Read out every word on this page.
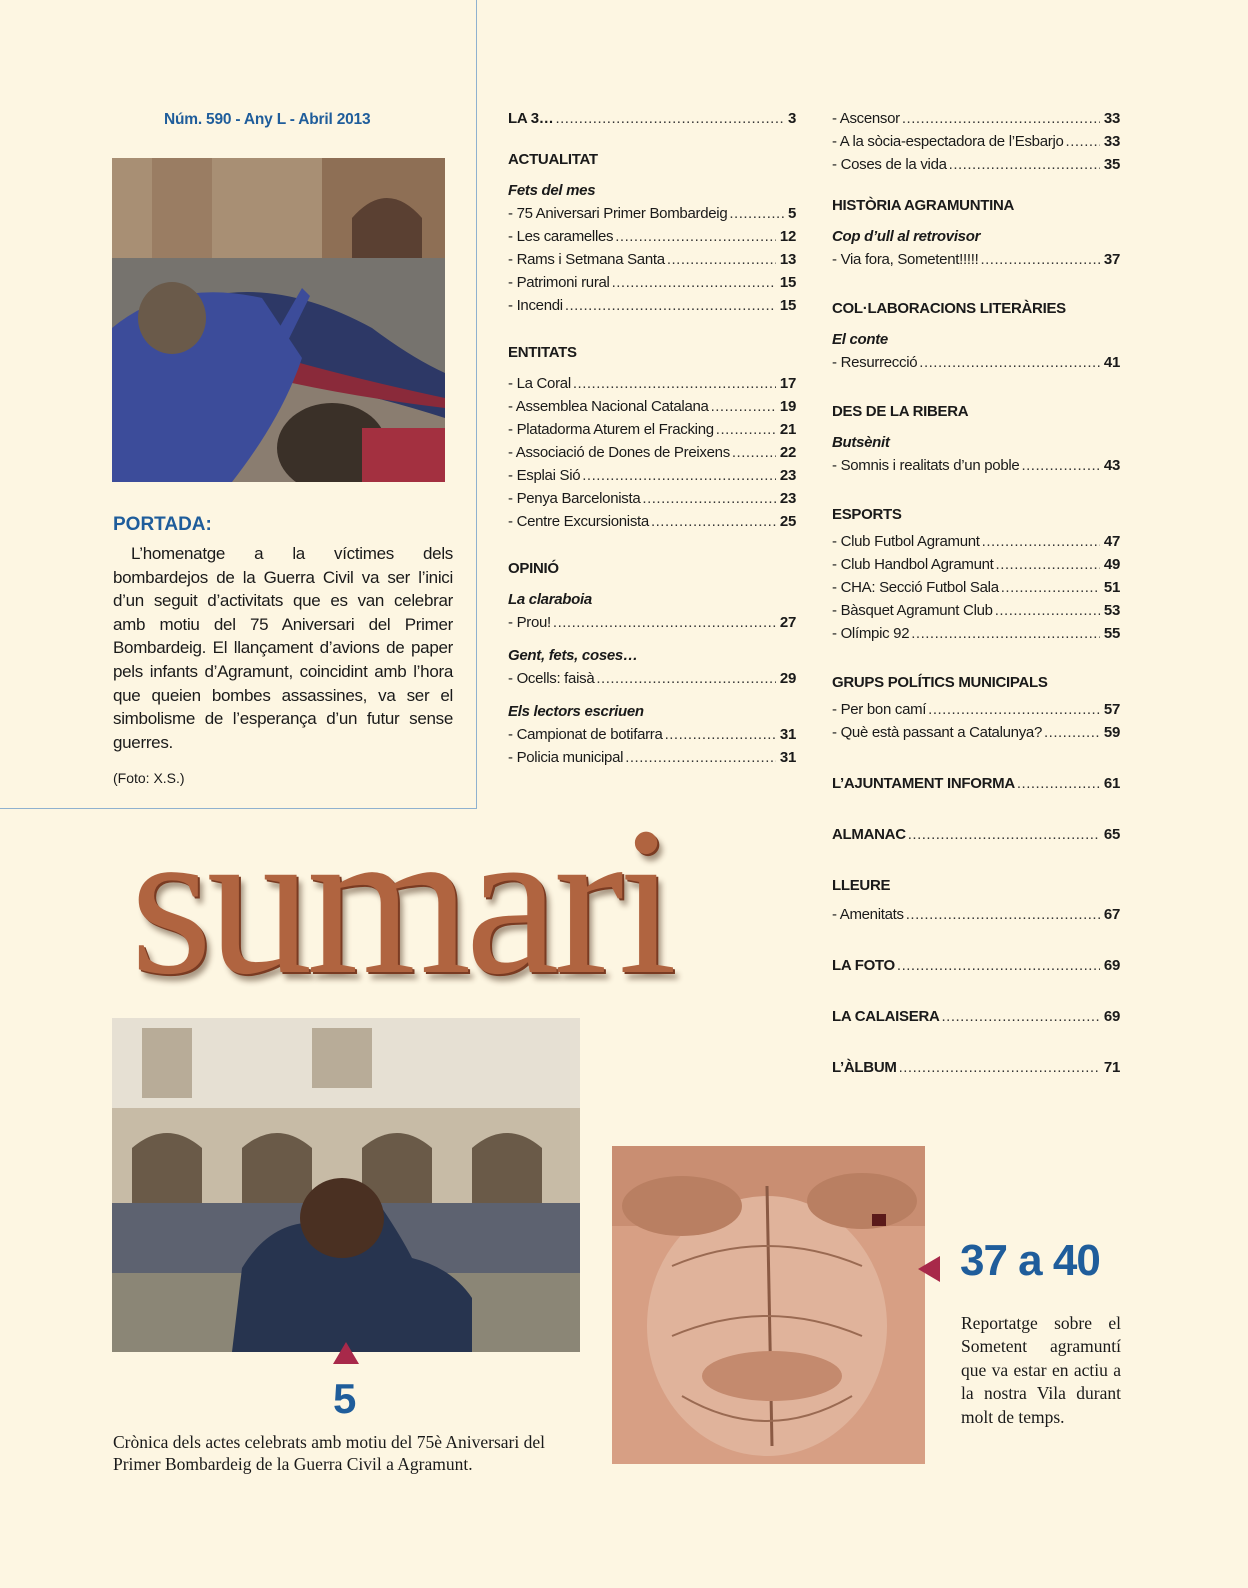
Núm. 590 - Any L - Abril 2013
PORTADA:
L’homenatge a la víctimes dels bombardejos de la Guerra Civil va ser l’inici d’un seguit d’activitats que es van celebrar amb motiu del 75 Aniversari del Primer Bombardeig. El llançament d’avions de paper pels infants d’Agramunt, coincidint amb l’hora que queien bombes assassines, va ser el simbolisme de l’esperança d’un futur sense guerres.
(Foto: X.S.)
LA 3… .....	3
ACTUALITAT
Fets del mes
- 75 Aniversari Primer Bombardeig .....	5
- Les caramelles .....	12
- Rams i Setmana Santa .....	13
- Patrimoni rural .....	15
- Incendi .....	15
ENTITATS
- La Coral .....	17
- Assemblea Nacional Catalana .....	19
- Platadorma Aturem el Fracking .....	21
- Associació de Dones de Preixens .....	22
- Esplai Sió .....	23
- Penya Barcelonista .....	23
- Centre Excursionista .....	25
OPINIÓ
La claraboia
- Prou! .....	27
Gent, fets, coses…
- Ocells: faisà .....	29
Els lectors escriuen
- Campionat de botifarra .....	31
- Policia municipal .....	31
- Ascensor .....	33
- A la sòcia-espectadora de l’Esbarjo .....	33
- Coses de la vida .....	35
HISTÒRIA AGRAMUNTINA
Cop d’ull al retrovisor
- Via fora, Sometent!!!!! .....	37
COL·LABORACIONS LITERÀRIES
El conte
- Resurrecció .....	41
DES DE LA RIBERA
Butsènit
- Somnis i realitats d’un poble .....	43
ESPORTS
- Club Futbol Agramunt .....	47
- Club Handbol Agramunt .....	49
- CHA: Secció Futbol Sala .....	51
- Bàsquet Agramunt Club .....	53
- Olímpic 92 .....	55
GRUPS POLÍTICS MUNICIPALS
- Per bon camí .....	57
- Què està passant a Catalunya? .....	59
L’AJUNTAMENT INFORMA .....	61
ALMANAC .....	65
LLEURE
- Amenitats .....	67
LA FOTO .....	69
LA CALAISERA .....	69
L’ÀLBUM .....	71
sumari
5
Crònica dels actes celebrats amb motiu del 75è Aniversari del Primer Bombardeig de la Guerra Civil a Agramunt.
37 a 40
Reportatge sobre el Sometent agramuntí que va estar en actiu a la nostra Vila durant molt de temps.
